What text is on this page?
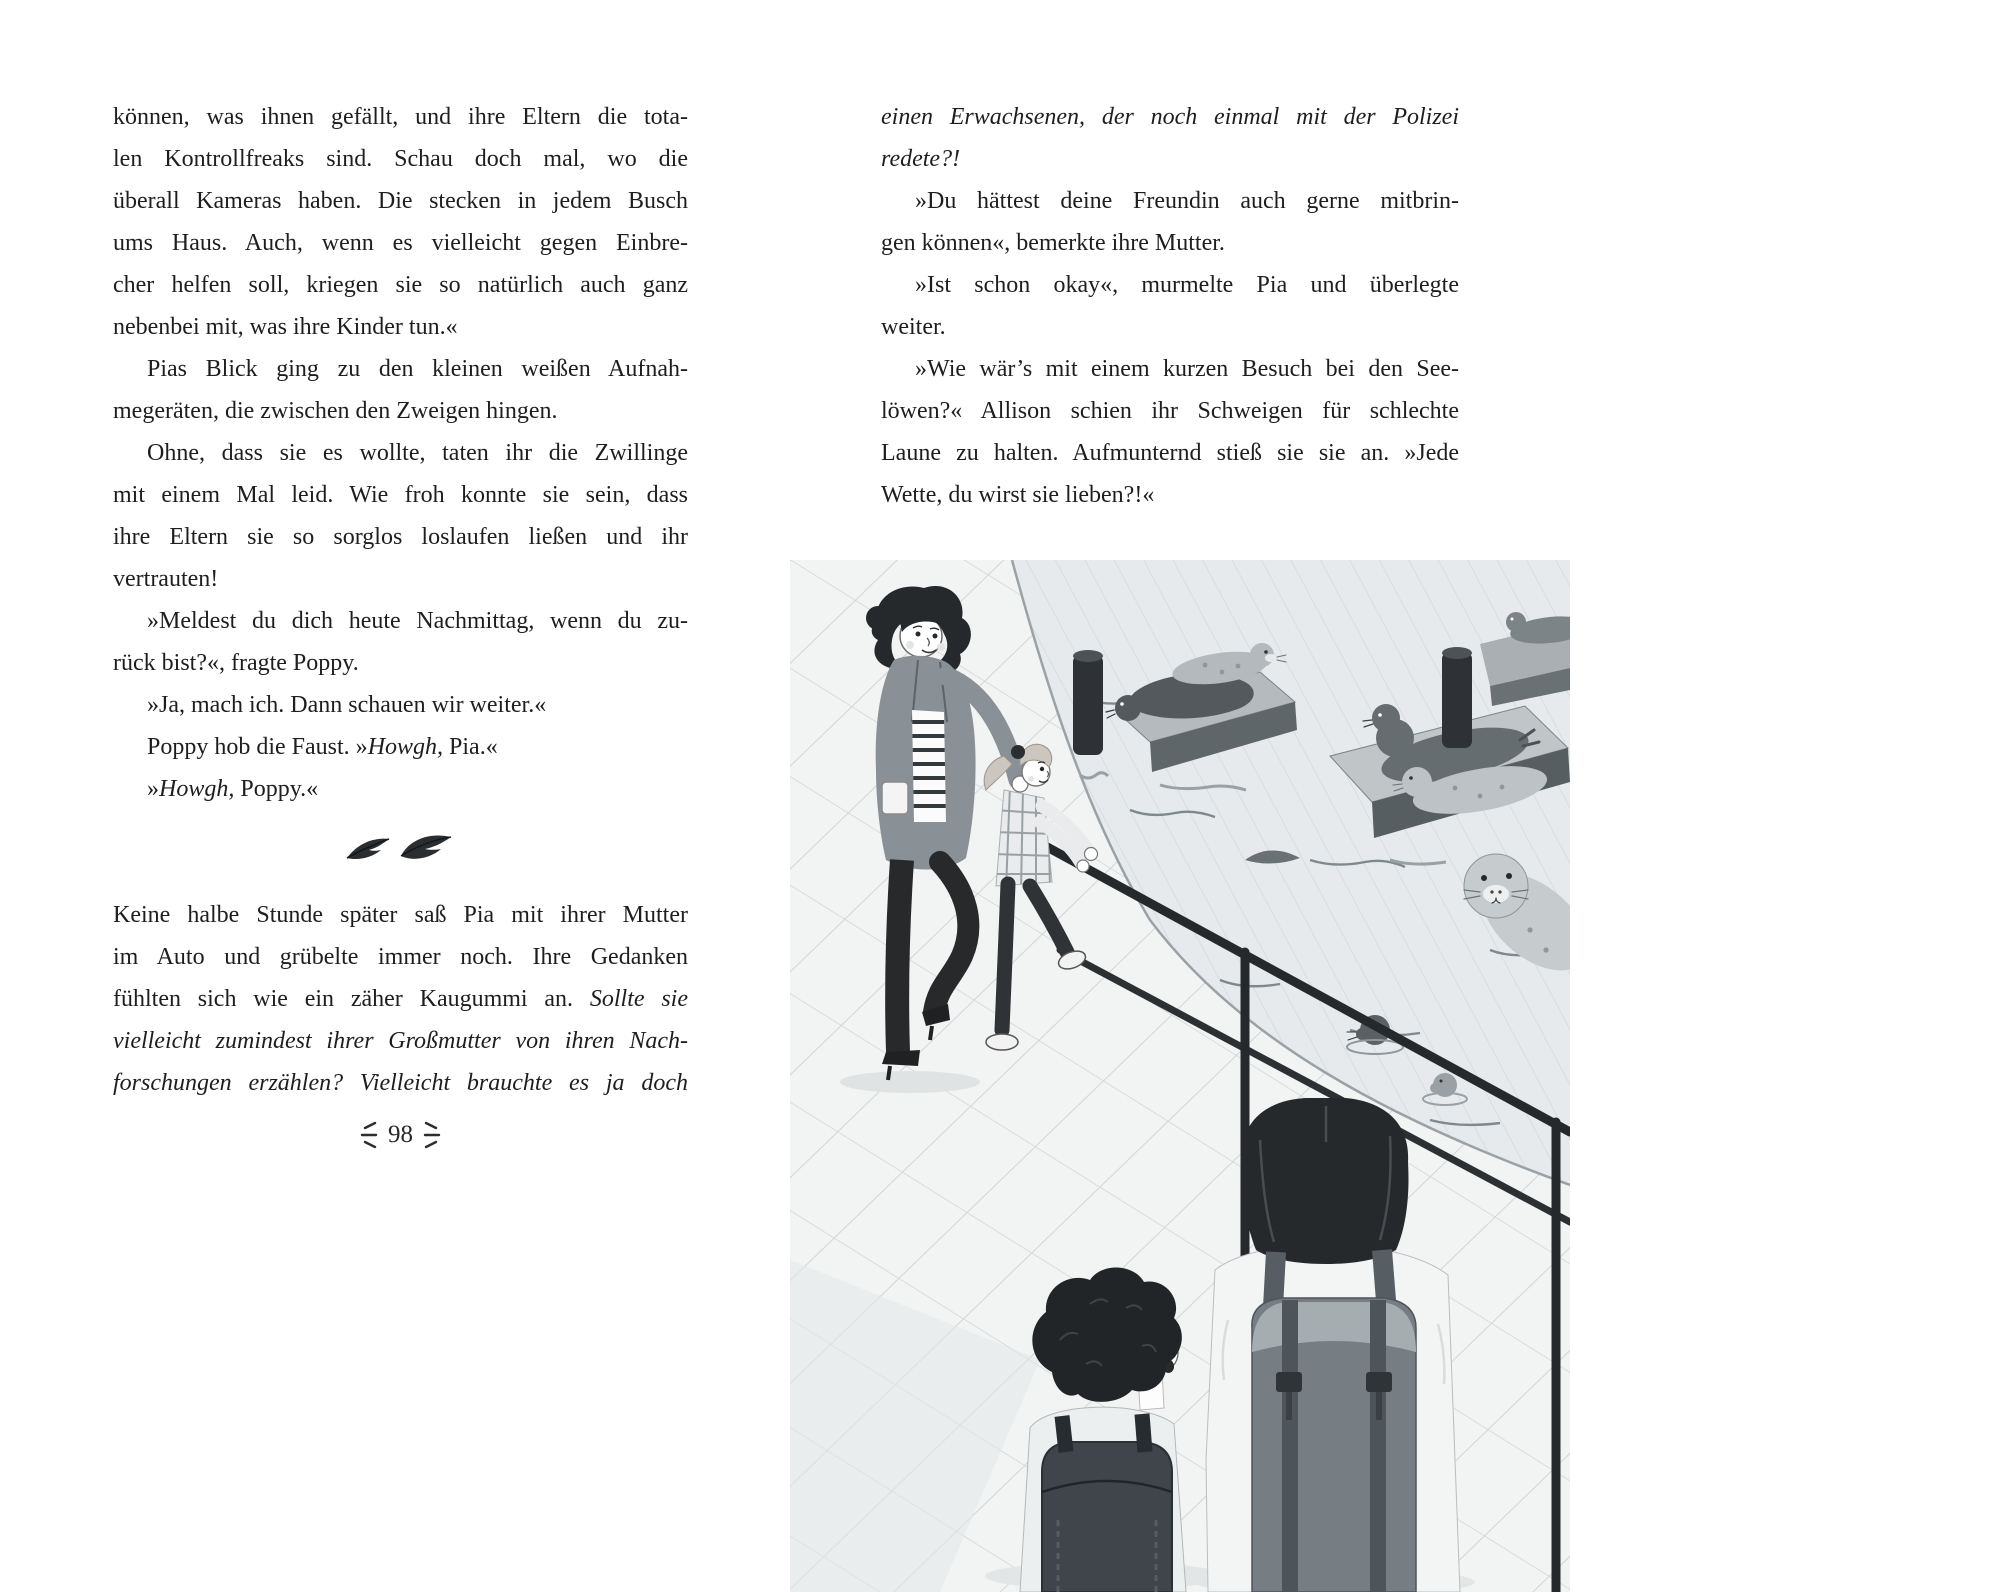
können, was ihnen gefällt, und ihre Eltern die tota-
len Kontrollfreaks sind. Schau doch mal, wo die
überall Kameras haben. Die stecken in jedem Busch
ums Haus. Auch, wenn es vielleicht gegen Einbre-
cher helfen soll, kriegen sie so natürlich auch ganz
nebenbei mit, was ihre Kinder tun.«
Pias Blick ging zu den kleinen weißen Aufnah-
megeräten, die zwischen den Zweigen hingen.
Ohne, dass sie es wollte, taten ihr die Zwillinge
mit einem Mal leid. Wie froh konnte sie sein, dass
ihre Eltern sie so sorglos loslaufen ließen und ihr
vertrauten!
»Meldest du dich heute Nachmittag, wenn du zu-
rück bist?«, fragte Poppy.
»Ja, mach ich. Dann schauen wir weiter.«
Poppy hob die Faust. »Howgh, Pia.«
»Howgh, Poppy.«
Keine halbe Stunde später saß Pia mit ihrer Mutter
im Auto und grübelte immer noch. Ihre Gedanken
fühlten sich wie ein zäher Kaugummi an. Sollte sie
vielleicht zumindest ihrer Großmutter von ihren Nach-
forschungen erzählen? Vielleicht brauchte es ja doch
98
einen Erwachsenen, der noch einmal mit der Polizei
redete?!
»Du hättest deine Freundin auch gerne mitbrin-
gen können«, bemerkte ihre Mutter.
»Ist schon okay«, murmelte Pia und überlegte
weiter.
»Wie wär’s mit einem kurzen Besuch bei den See-
löwen?« Allison schien ihr Schweigen für schlechte
Laune zu halten. Aufmunternd stieß sie sie an. »Jede
Wette, du wirst sie lieben?!«
